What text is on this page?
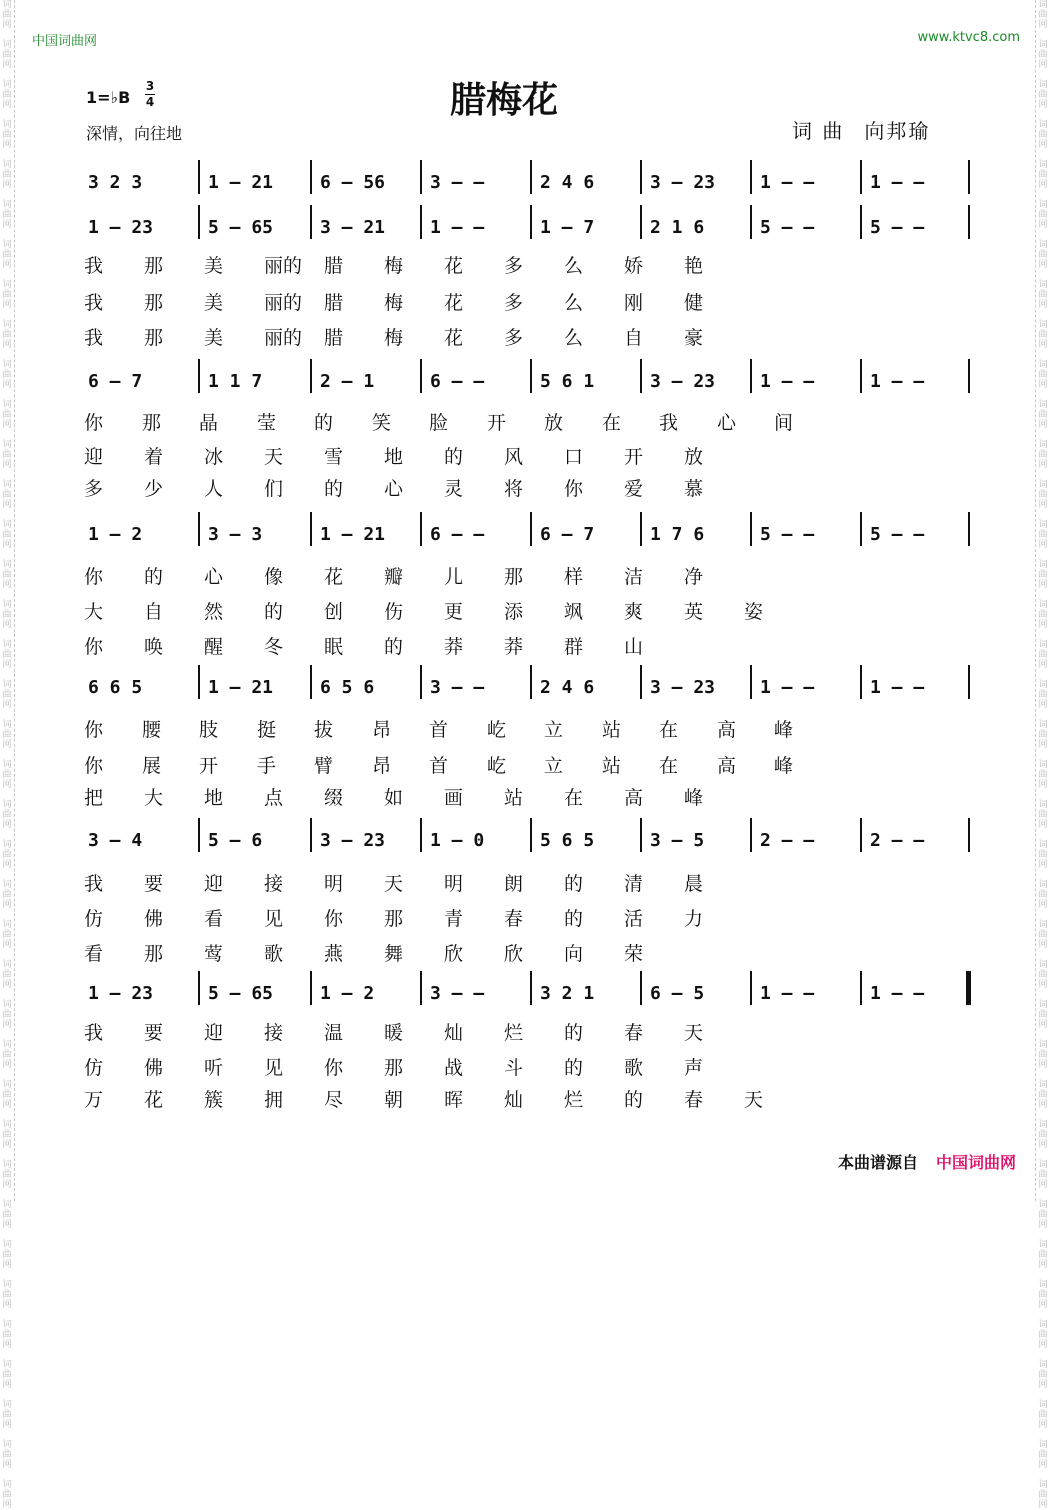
词
曲
网

词
曲
网

词
曲
网

词
曲
网

词
曲
网

词
曲
网

词
曲
网

词
曲
网

词
曲
网

词
曲
网

词
曲
网

词
曲
网

词
曲
网

词
曲
网

词
曲
网

词
曲
网

词
曲
网

词
曲
网

词
曲
网

词
曲
网

词
曲
网

词
曲
网

词
曲
网

词
曲
网

词
曲
网

词
曲
网

词
曲
网

词
曲
网

词
曲
网

词
曲
网

词
曲
网

词
曲
网

词
曲
网

词
曲
网

词
曲
网

词
曲
网

词
曲
网

词
曲
网

词
曲
网

词
曲
网

词
曲
网

词
曲
网

词
曲
网

词
曲
网

词
曲
网

词
曲
网

词
曲
网

词
曲
网

词
曲
网

词
曲
网

词
曲
网

词
曲
网

词
曲
网

词
曲
网

词
曲
网

词
曲
网

词
曲
网

词
曲
网

词
曲
网

词
曲
网

词
曲
网

词
曲
网

词
曲
网

词
曲
网

词
曲
网

词
曲
网

词
曲
网

词
曲
网

词
曲
网

词
曲
网

词
曲
网

词
曲
网

词
曲
网

词
曲
网

词
曲
网

词
曲
网

中国词曲网	www.ktvc8.com
1=♭B
3
4
深情，向往地
腊梅花
词 曲 向邦瑜
3 2 3	1 – 21	6 – 56 3 – –	2 4 6	3 – 23 1 – –	1 – –
1 – 23	5 – 65	3 – 21 1 – –	1 – 7	2 1 6	5 – –	5 – –
6 – 7	1 1 7	2 – 1	6 – –	5 6 1	3 – 23 1 – –	1 – –
1 – 2	3 – 3	1 – 21 6 – –	6 – 7	1 7 6	5 – –	5 – –
6 6 5	1 – 21	6 5 6	3 – –	2 4 6	3 – 23 1 – –	1 – –
3 – 4	5 – 6	3 – 23 1 – 0	5 6 5	3 – 5	2 – –	2 – –
1 – 23	5 – 65	1 – 2	3 – –	3 2 1	6 – 5	1 – –	1 – –
我 那 美 丽的 腊 梅 花 多 么 娇 艳
我 那 美 丽的 腊 梅 花 多 么 刚 健
我 那 美 丽的 腊 梅 花 多 么 自 豪
你 那 晶 莹 的 笑 脸 开 放 在 我 心 间
迎 着 冰 天 雪 地 的 风 口 开 放
多 少 人 们 的 心 灵 将 你 爱 慕
你 的 心 像 花 瓣 儿 那 样 洁 净
大 自 然 的 创 伤 更 添 飒 爽 英 姿
你 唤 醒 冬 眠 的 莽 莽 群 山
你 腰 肢 挺 拔 昂 首 屹 立 站 在 高 峰
你 展 开 手 臂 昂 首 屹 立 站 在 高 峰
把 大 地 点 缀 如 画 站 在 高 峰
我 要 迎 接 明 天 明 朗 的 清 晨
仿 佛 看 见 你 那 青 春 的 活 力
看 那 莺 歌 燕 舞 欣 欣 向 荣
我 要 迎 接 温 暖 灿 烂 的 春 天
仿 佛 听 见 你 那 战 斗 的 歌 声
万 花 簇 拥 尽 朝 晖 灿 烂 的 春 天
本曲谱源自 中国词曲网
